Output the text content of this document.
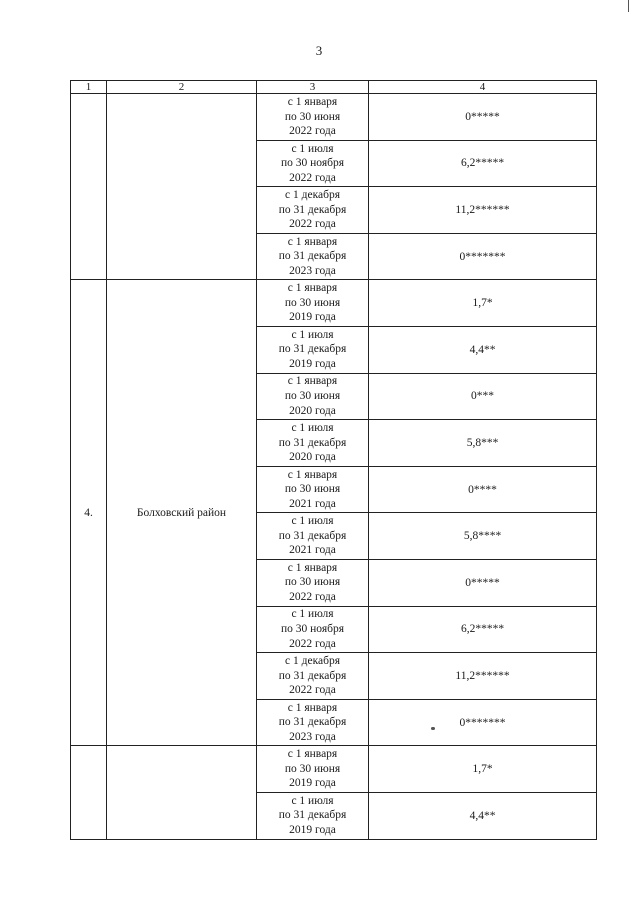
3
1	2	3	4

		с 1 января
по 30 июня
2022 года	0*****

		с 1 июля
по 30 ноября
2022 года	6,2*****

		с 1 декабря
по 31 декабря
2022 года	11,2******

		с 1 января
по 31 декабря
2023 года	0*******
4.	Болховский район	с 1 января
по 30 июня
2019 года	1,7*

		с 1 июля
по 31 декабря
2019 года	4,4**

		с 1 января
по 30 июня
2020 года	0***

		с 1 июля
по 31 декабря
2020 года	5,8***

		с 1 января
по 30 июня
2021 года	0****

		с 1 июля
по 31 декабря
2021 года	5,8****

		с 1 января
по 30 июня
2022 года	0*****

		с 1 июля
по 30 ноября
2022 года	6,2*****

		с 1 декабря
по 31 декабря
2022 года	11,2******

		с 1 января
по 31 декабря
2023 года	0*******

		с 1 января
по 30 июня
2019 года	1,7*

		с 1 июля
по 31 декабря
2019 года	4,4**
